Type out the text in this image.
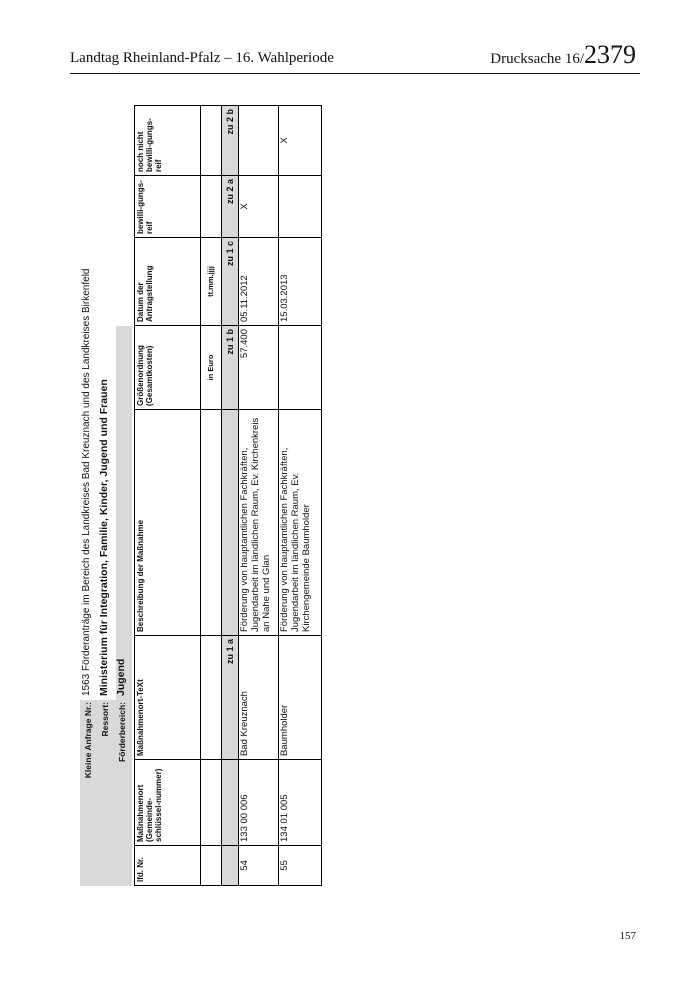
Landtag Rheinland-Pfalz – 16. Wahlperiode	Drucksache 16/2379
Kleine Anfrage Nr.:
1563 Förderanträge im Bereich des Landkreises Bad Kreuznach und des Landkreises Birkenfeld
Ressort:
Ministerium für Integration, Familie, Kinder, Jugend und Frauen
Förderbereich:
Jugend
lfd. Nr.	Maßnahmenort (Gemeinde-schlüssel-nummer)	Maßnahmenort-TeXt	Beschreibung der Maßnahme	Größenordnung (Gesamtkosten)	Datum der Antragstellung	bewilli-gungs-reif	noch nicht bewilli-gungs-reif
				in Euro	tt.mm.jjjj		
		zu 1 a		zu 1 b	zu 1 c	zu 2 a	zu 2 b
54	133 00 006	Bad Kreuznach	Förderung von hauptamtlichen Fachkräften, Jugendarbeit im ländlichen Raum, Ev. Kirchenkreis an Nahe und Glan	57.400	05.11.2012	X	
55	134 01 005	Baumholder	Förderung von hauptamtlichen Fachkräften, Jugendarbeit im ländlichen Raum, Ev. Kirchengemeinde Baumholder		15.03.2013		X
157
